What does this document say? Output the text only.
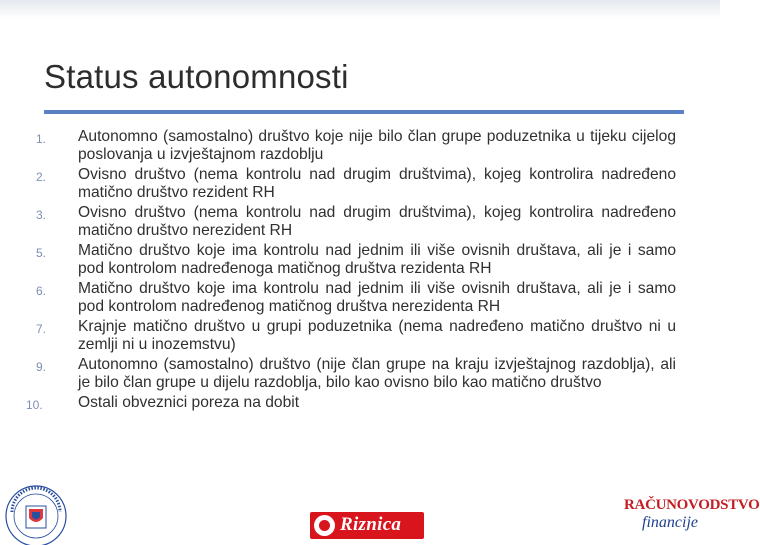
Status autonomnosti
1.	Autonomno (samostalno) društvo koje nije bilo član grupe poduzetnika u tijeku cijelog poslovanja u izvještajnom razdoblju
2.	Ovisno društvo (nema kontrolu nad drugim društvima), kojeg kontrolira nadređeno matično društvo rezident RH
3.	Ovisno društvo (nema kontrolu nad drugim društvima), kojeg kontrolira nadređeno matično društvo nerezident RH
5.	Matično društvo koje ima kontrolu nad jednim ili više ovisnih društava, ali je i samo pod kontrolom nadređenoga matičnog društva rezidenta RH
6.	Matično društvo koje ima kontrolu nad jednim ili više ovisnih društava, ali je i samo pod kontrolom nadređenog matičnog društva nerezidenta RH
7.	Krajnje matično društvo u grupi poduzetnika (nema nadređeno matično društvo ni u zemlji ni u inozemstvu)
9.	Autonomno (samostalno) društvo (nije član grupe na kraju izvještajnog razdoblja), ali je bilo član grupe u dijelu razdoblja, bilo kao ovisno bilo kao matično društvo
10.	Ostali obveznici poreza na dobit
Riznica
RAČUNOVODSTVO
financije
